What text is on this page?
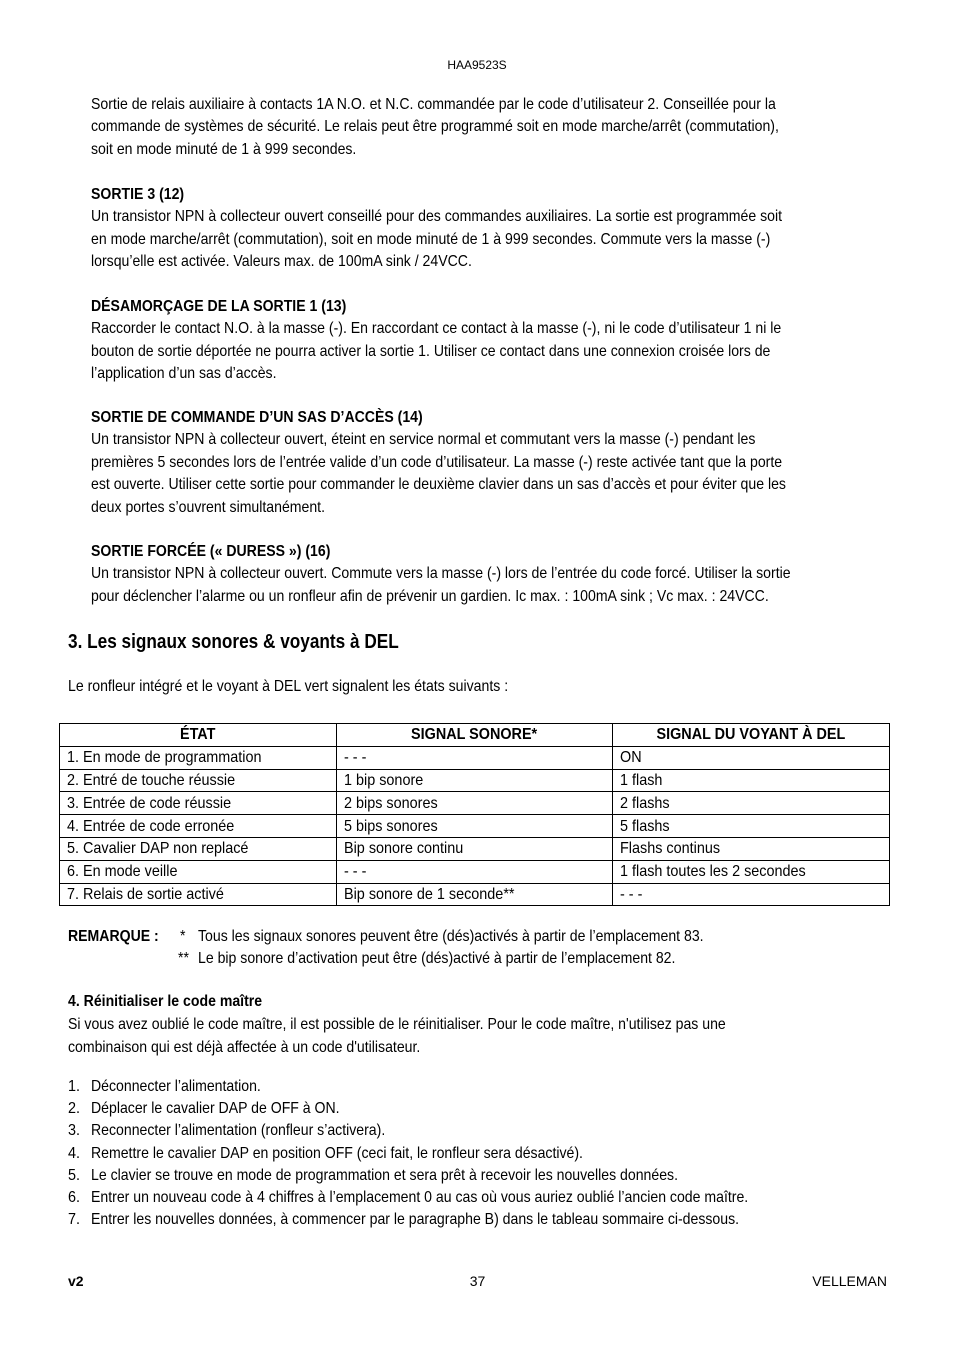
HAA9523S
Sortie de relais auxiliaire à contacts 1A N.O. et N.C. commandée par le code d’utilisateur 2. Conseillée pour la
commande de systèmes de sécurité. Le relais peut être programmé soit en mode marche/arrêt (commutation),
soit en mode minuté de 1 à 999 secondes.
SORTIE 3 (12)
Un transistor NPN à collecteur ouvert conseillé pour des commandes auxiliaires. La sortie est programmée soit
en mode marche/arrêt (commutation), soit en mode minuté de 1 à 999 secondes. Commute vers la masse (-)
lorsqu’elle est activée. Valeurs max. de 100mA sink / 24VCC.
DÉSAMORÇAGE DE LA SORTIE 1 (13)
Raccorder le contact N.O. à la masse (-). En raccordant ce contact à la masse (-), ni le code d’utilisateur 1 ni le
bouton de sortie déportée ne pourra activer la sortie 1. Utiliser ce contact dans une connexion croisée lors de
l’application d’un sas d’accès.
SORTIE DE COMMANDE D’UN SAS D’ACCÈS (14)
Un transistor NPN à collecteur ouvert, éteint en service normal et commutant vers la masse (-) pendant les
premières 5 secondes lors de l’entrée valide d’un code d’utilisateur. La masse (-) reste activée tant que la porte
est ouverte. Utiliser cette sortie pour commander le deuxième clavier dans un sas d’accès et pour éviter que les
deux portes s’ouvrent simultanément.
SORTIE FORCÉE (« DURESS ») (16)
Un transistor NPN à collecteur ouvert. Commute vers la masse (-) lors de l’entrée du code forcé. Utiliser la sortie
pour déclencher l’alarme ou un ronfleur afin de prévenir un gardien. Ic max. : 100mA sink ; Vc max. : 24VCC.
3. Les signaux sonores & voyants à DEL
Le ronfleur intégré et le voyant à DEL vert signalent les états suivants :
ÉTAT	SIGNAL SONORE*	SIGNAL DU VOYANT À DEL
1. En mode de programmation	- - -	ON
2. Entré de touche réussie	1 bip sonore	1 flash
3. Entrée de code réussie	2 bips sonores	2 flashs
4. Entrée de code erronée	5 bips sonores	5 flashs
5. Cavalier DAP non replacé	Bip sonore continu	Flashs continus
6. En mode veille	- - -	1 flash toutes les 2 secondes
7. Relais de sortie activé	Bip sonore de 1 seconde**	- - -
REMARQUE : * Tous les signaux sonores peuvent être (dés)activés à partir de l’emplacement 83.
** Le bip sonore d’activation peut être (dés)activé à partir de l’emplacement 82.
4. Réinitialiser le code maître
Si vous avez oublié le code maître, il est possible de le réinitialiser. Pour le code maître, n'utilisez pas une
combinaison qui est déjà affectée à un code d'utilisateur.
1. Déconnecter l’alimentation.
2. Déplacer le cavalier DAP de OFF à ON.
3. Reconnecter l’alimentation (ronfleur s’activera).
4. Remettre le cavalier DAP en position OFF (ceci fait, le ronfleur sera désactivé).
5. Le clavier se trouve en mode de programmation et sera prêt à recevoir les nouvelles données.
6. Entrer un nouveau code à 4 chiffres à l’emplacement 0 au cas où vous auriez oublié l’ancien code maître.
7. Entrer les nouvelles données, à commencer par le paragraphe B) dans le tableau sommaire ci-dessous.
v2	37	VELLEMAN
